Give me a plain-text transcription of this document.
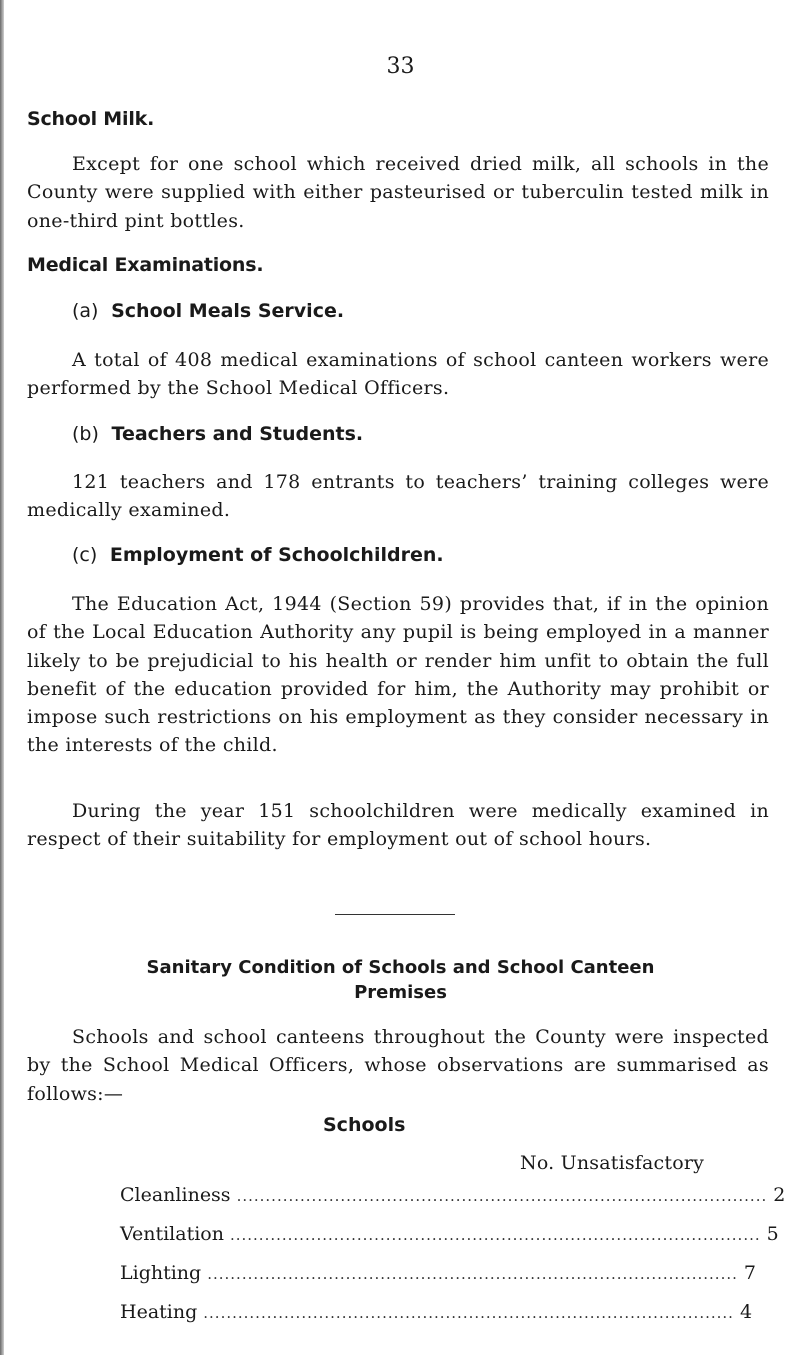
33
School Milk.
Except for one school which received dried milk, all schools in the County were supplied with either pasteurised or tuberculin tested milk in one-third pint bottles.
Medical Examinations.
(a) School Meals Service.
A total of 408 medical examinations of school canteen workers were performed by the School Medical Officers.
(b) Teachers and Students.
121 teachers and 178 entrants to teachers’ training colleges were medically examined.
(c) Employment of Schoolchildren.
The Education Act, 1944 (Section 59) provides that, if in the opinion of the Local Education Authority any pupil is being employed in a manner likely to be prejudicial to his health or render him unfit to obtain the full benefit of the education provided for him, the Authority may prohibit or impose such restrictions on his employment as they consider necessary in the interests of the child.
During the year 151 schoolchildren were medically examined in respect of their suitability for employment out of school hours.
Sanitary Condition of Schools and School Canteen
Premises
Schools and school canteens throughout the County were inspected by the School Medical Officers, whose observations are summarised as follows:—
Schools
No. Unsatisfactory
Cleanliness ............................................................................................ 2
Ventilation ............................................................................................ 5
Lighting ............................................................................................ 7
Heating ............................................................................................ 4
